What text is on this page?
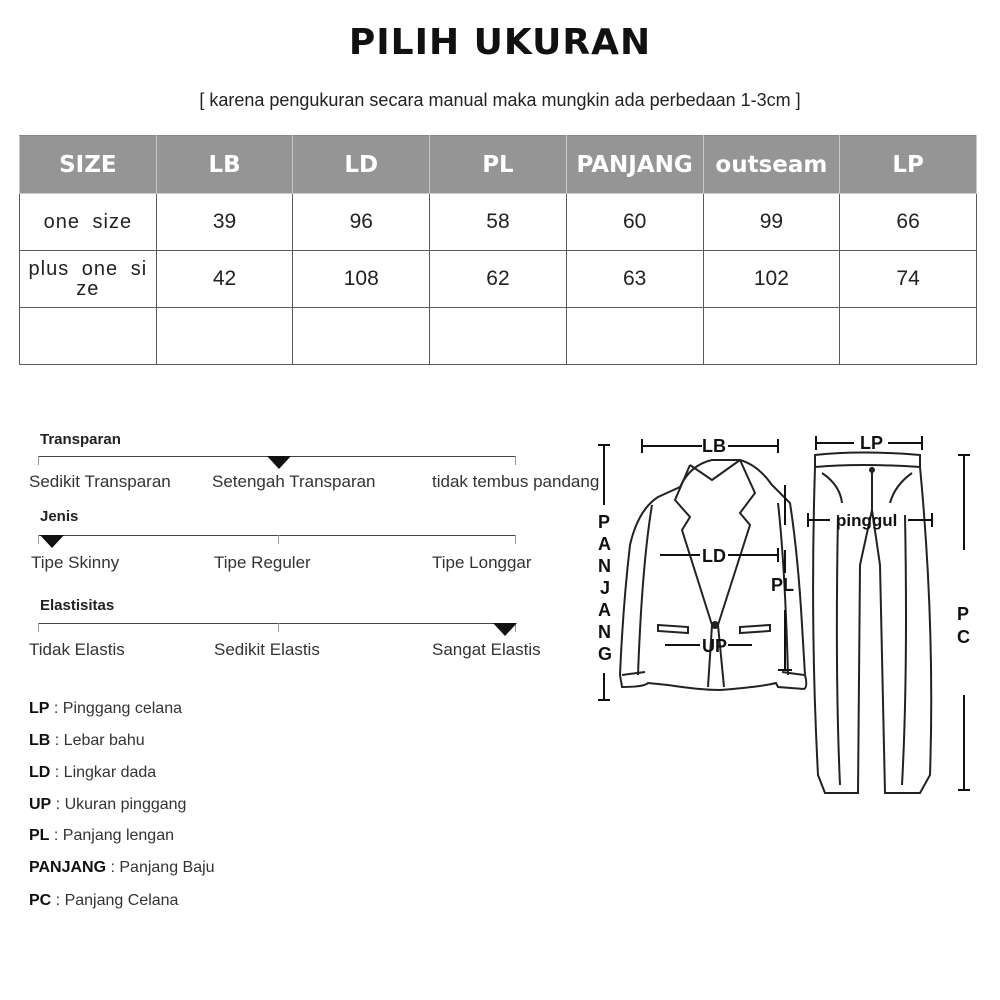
PILIH UKURAN
[ karena pengukuran secara manual maka mungkin ada perbedaan 1-3cm ]
SIZE	LB	LD	PL	PANJANG	outseam	LP
one size	39	96	58	60	99	66
plus one si ze	42	108	62	63	102	74

Transparan
Sedikit Transparan Setengah Transparan	tidak tembus pandang
Jenis
Tipe Skinny	Tipe Reguler	Tipe Longgar
Elastisitas
Tidak Elastis	Sedikit Elastis	Sangat Elastis
LP : Pinggang celana
LB : Lebar bahu
LD : Lingkar dada
UP : Ukuran pinggang
PL : Panjang lengan
PANJANG : Panjang Baju
PC : Panjang Celana
LB	LP
pinggul
LD
UP
PL
P
A
N
J
A
N
G
P
C
